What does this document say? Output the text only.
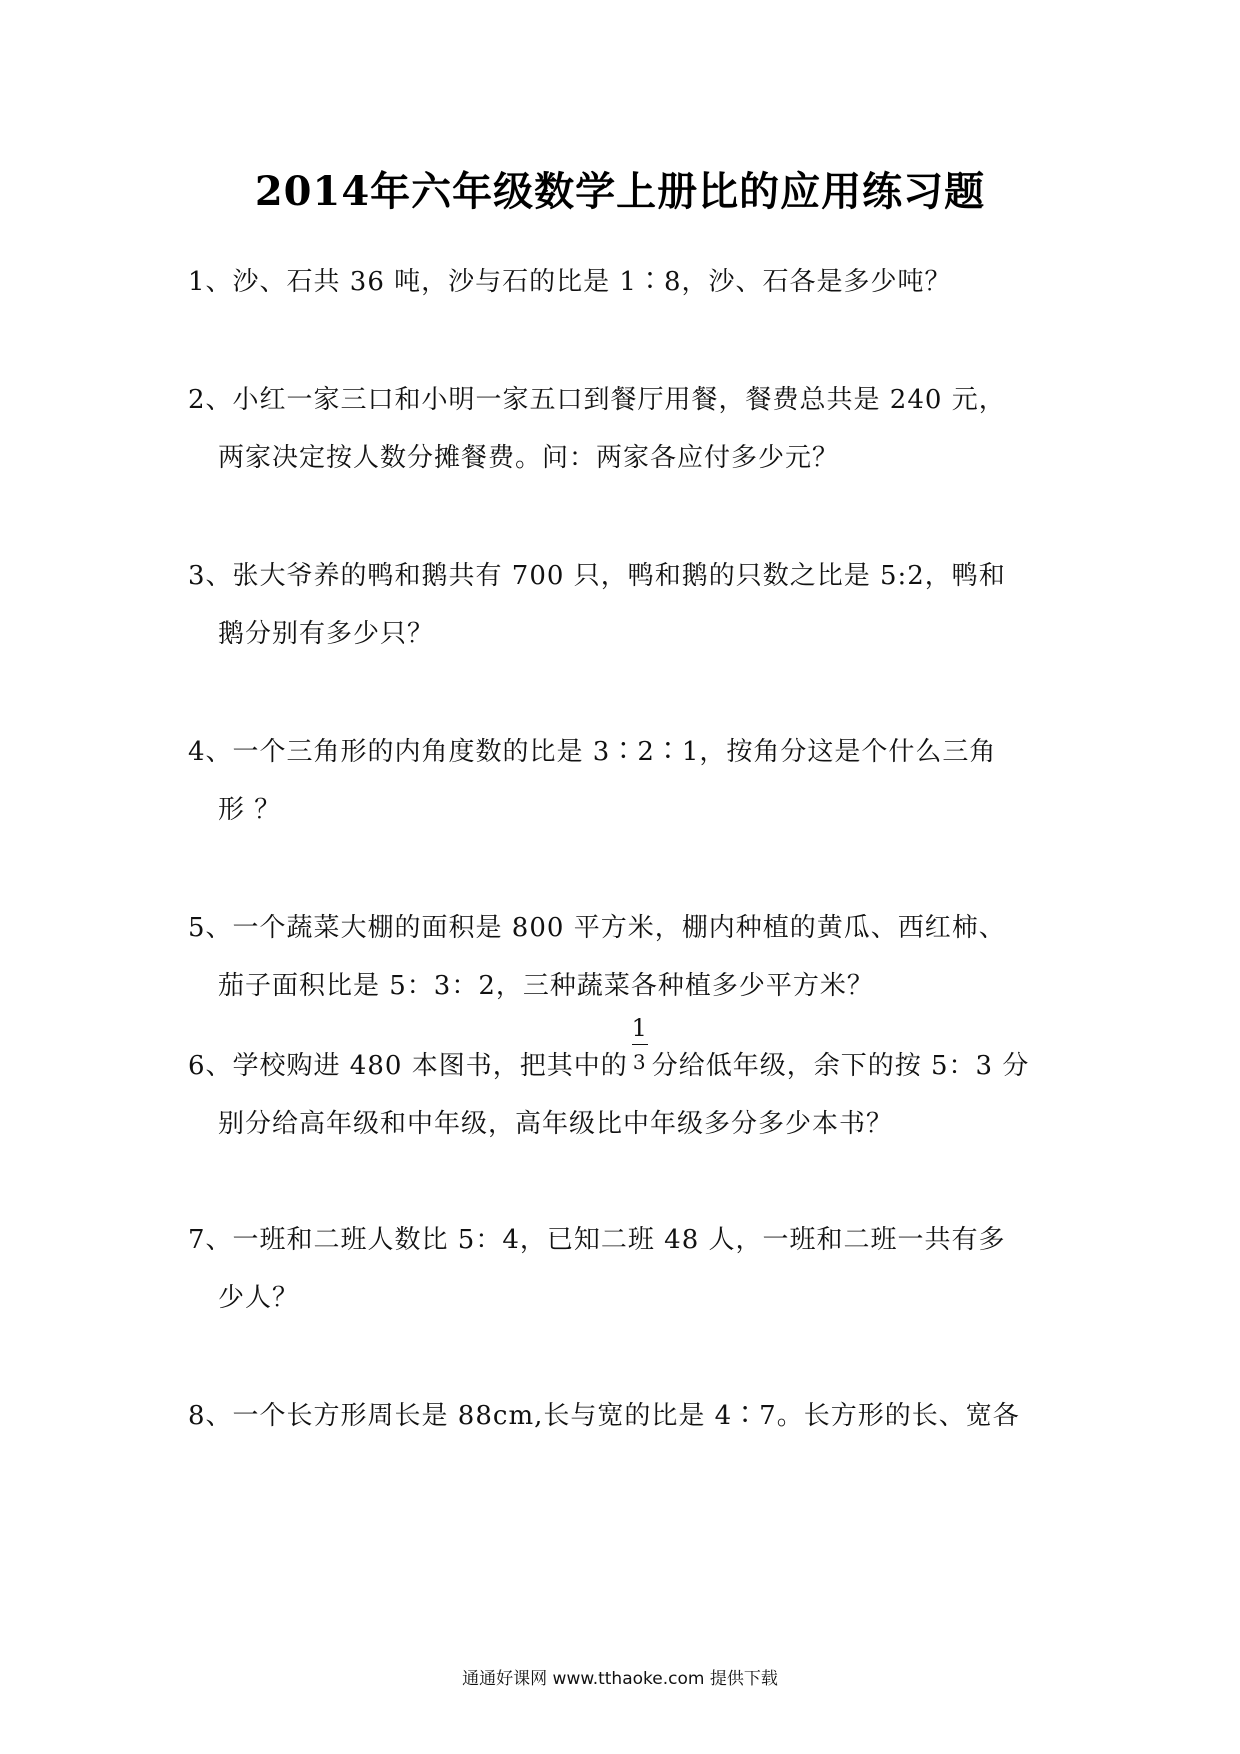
2014年六年级数学上册比的应用练习题
1、沙、石共 36 吨，沙与石的比是 1∶8，沙、石各是多少吨？
2、小红一家三口和小明一家五口到餐厅用餐，餐费总共是 240 元，
两家决定按人数分摊餐费。问：两家各应付多少元？
3、张大爷养的鸭和鹅共有 700 只，鸭和鹅的只数之比是 5:2，鸭和
鹅分别有多少只？
4、一个三角形的内角度数的比是 3∶2∶1，按角分这是个什么三角
形 ？
5、一个蔬菜大棚的面积是 800 平方米，棚内种植的黄瓜、西红柿、
茄子面积比是 5：3：2，三种蔬菜各种植多少平方米？
6、学校购进 480 本图书，把其中的 $\frac{1}{3}$ 分给低年级，余下的按 5：3 分
别分给高年级和中年级，高年级比中年级多分多少本书？
7、一班和二班人数比 5：4，已知二班 48 人，一班和二班一共有多
少人？
8、一个长方形周长是 88cm,长与宽的比是 4∶7。长方形的长、宽各
通通好课网 www.tthaoke.com 提供下载
